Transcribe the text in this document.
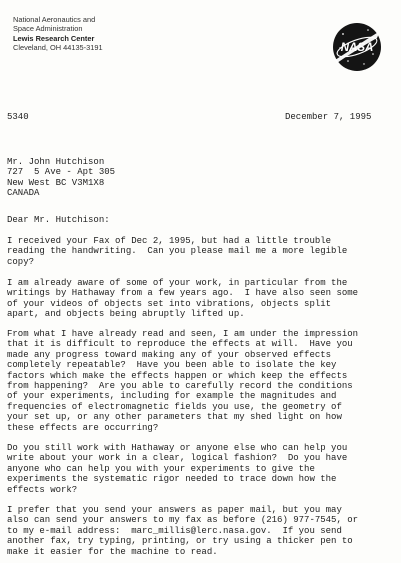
National Aeronautics and
Space Administration
Lewis Research Center
Cleveland, OH 44135-3191	NASA
5340	December 7, 1995
Mr. John Hutchison
727  5 Ave - Apt 305
New West BC V3M1X8
CANADA
Dear Mr. Hutchison:
I received your Fax of Dec 2, 1995, but had a little trouble
reading the handwriting.  Can you please mail me a more legible
copy?
I am already aware of some of your work, in particular from the
writings by Hathaway from a few years ago.  I have also seen some
of your videos of objects set into vibrations, objects split
apart, and objects being abruptly lifted up.
From what I have already read and seen, I am under the impression
that it is difficult to reproduce the effects at will.  Have you
made any progress toward making any of your observed effects
completely repeatable?  Have you been able to isolate the key
factors which make the effects happen or which keep the effects
from happening?  Are you able to carefully record the conditions
of your experiments, including for example the magnitudes and
frequencies of electromagnetic fields you use, the geometry of
your set up, or any other parameters that my shed light on how
these effects are occurring?
Do you still work with Hathaway or anyone else who can help you
write about your work in a clear, logical fashion?  Do you have
anyone who can help you with your experiments to give the
experiments the systematic rigor needed to trace down how the
effects work?
I prefer that you send your answers as paper mail, but you may
also can send your answers to my fax as before (216) 977-7545, or
to my e-mail address:  marc_millis@lerc.nasa.gov.  If you send
another fax, try typing, printing, or try using a thicker pen to
make it easier for the machine to read.
